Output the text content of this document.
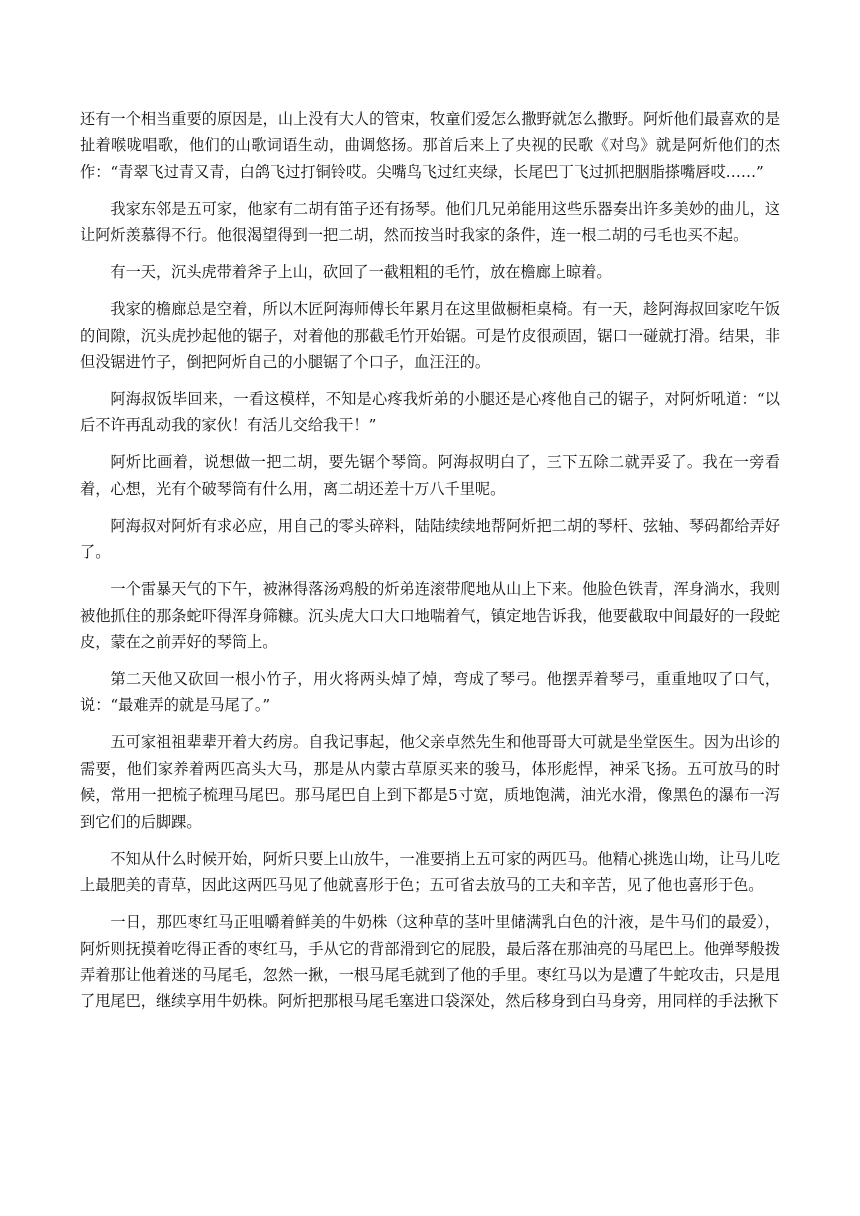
还有一个相当重要的原因是，山上没有大人的管束，牧童们爱怎么撒野就怎么撒野。阿炘他们最喜欢的是扯着喉咙唱歌，他们的山歌词语生动，曲调悠扬。那首后来上了央视的民歌《对鸟》就是阿炘他们的杰作：“青翠飞过青又青，白鸽飞过打铜铃哎。尖嘴鸟飞过红夹绿，长尾巴丁飞过抓把胭脂搽嘴唇哎……”

我家东邻是五可家，他家有二胡有笛子还有扬琴。他们几兄弟能用这些乐器奏出许多美妙的曲儿，这让阿炘羡慕得不行。他很渴望得到一把二胡，然而按当时我家的条件，连一根二胡的弓毛也买不起。

有一天，沉头虎带着斧子上山，砍回了一截粗粗的毛竹，放在檐廊上晾着。

我家的檐廊总是空着，所以木匠阿海师傅长年累月在这里做橱柜桌椅。有一天，趁阿海叔回家吃午饭的间隙，沉头虎抄起他的锯子，对着他的那截毛竹开始锯。可是竹皮很顽固，锯口一碰就打滑。结果，非但没锯进竹子，倒把阿炘自己的小腿锯了个口子，血汪汪的。

阿海叔饭毕回来，一看这模样，不知是心疼我炘弟的小腿还是心疼他自己的锯子，对阿炘吼道：“以后不许再乱动我的家伙！有活儿交给我干！”

阿炘比画着，说想做一把二胡，要先锯个琴筒。阿海叔明白了，三下五除二就弄妥了。我在一旁看着，心想，光有个破琴筒有什么用，离二胡还差十万八千里呢。

阿海叔对阿炘有求必应，用自己的零头碎料，陆陆续续地帮阿炘把二胡的琴杆、弦轴、琴码都给弄好了。

一个雷暴天气的下午，被淋得落汤鸡般的炘弟连滚带爬地从山上下来。他脸色铁青，浑身淌水，我则被他抓住的那条蛇吓得浑身筛糠。沉头虎大口大口地喘着气，镇定地告诉我，他要截取中间最好的一段蛇皮，蒙在之前弄好的琴筒上。

第二天他又砍回一根小竹子，用火将两头焯了焯，弯成了琴弓。他摆弄着琴弓，重重地叹了口气，说：“最难弄的就是马尾了。”

五可家祖祖辈辈开着大药房。自我记事起，他父亲卓然先生和他哥哥大可就是坐堂医生。因为出诊的需要，他们家养着两匹高头大马，那是从内蒙古草原买来的骏马，体形彪悍，神采飞扬。五可放马的时候，常用一把梳子梳理马尾巴。那马尾巴自上到下都是5寸宽，质地饱满，油光水滑，像黑色的瀑布一泻到它们的后脚踝。

不知从什么时候开始，阿炘只要上山放牛，一准要捎上五可家的两匹马。他精心挑选山坳，让马儿吃上最肥美的青草，因此这两匹马见了他就喜形于色；五可省去放马的工夫和辛苦，见了他也喜形于色。

一日，那匹枣红马正咀嚼着鲜美的牛奶株（这种草的茎叶里储满乳白色的汁液，是牛马们的最爱），阿炘则抚摸着吃得正香的枣红马，手从它的背部滑到它的屁股，最后落在那油亮的马尾巴上。他弹琴般拨弄着那让他着迷的马尾毛，忽然一揪，一根马尾毛就到了他的手里。枣红马以为是遭了牛蛇攻击，只是甩了甩尾巴，继续享用牛奶株。阿炘把那根马尾毛塞进口袋深处，然后移身到白马身旁，用同样的手法揪下
